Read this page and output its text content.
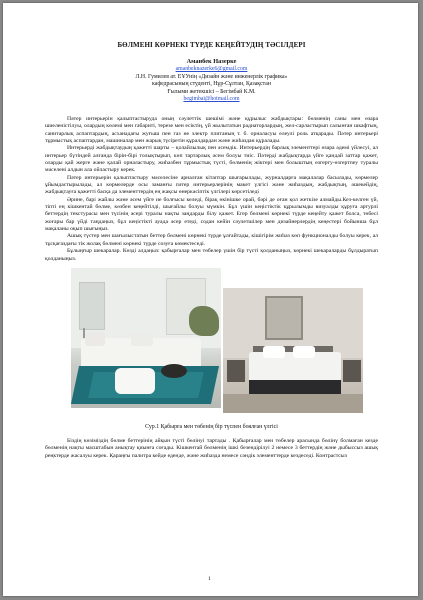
БӨЛМЕНІ КӨРНЕКІ ТҮРДЕ КЕҢЕЙТУДІҢ ТӘСІЛДЕРІ

Аманбек Назерке

amanbeknazerke6@gmail.com

Л.Н. Гумилев ат. ЕҰУнің «Дизайн және инженерлік графика»

кафедрасының студенті, Нұр-Сұлтан, Қазақстан

Ғылыми жетекшісі – Бегімбай К.М.

begimbai@hotmail.com

Пәтер интерьерін қалыптастыруда оның сәулеттік шешімі және құрылыс жабдықтары: бөлменің саны мен өзара шиеленістілуы, олардың көлемі мен габариті, терезе мен есіктің, үй жылытатын радиаторлардың, жел-сарластырып салынған шкафтың, санитарлық аспаптардың, асханадағы жуғыш пен газ не электр плитаның т. б. орналасуы елеулі роль атқарады. Пәтер интерьері тұрмыстық аспаптардан, машиналар мен жарық түсіретін құралдардан және жиһаздан құралады.

Интерьерді жабдықтаудың қажетті шарты – қолайлылық пен әсемдік. Интерьердің барлық элементтері өзара әдемі үйлесуі, ал интерьер бүтіндей алғанда бірін-бірі толықтырып, көп тартарлық әсем болуы тиіс. Пәтерді жабдықтарда үйге қандай заттар қажет, оларды қай жерге және қалай орналастыру, жиһазбен тұрмыстық түсті, бөлменің жіктері мен болыштың өзгерту-өзгертпеу туралы мәселені алдын ала ойластыру керек.

Пәтер интерьерін қалыптастыру мәселесіне арналған кітаптар шығарылады, журналдарға мақалалар басылады, көрмелер ұйымдастырылады, ал көрмелерде осы заманғы пәтер интерьерлерінің макет үлгісі және жиһаздың, жабдықтың, әшекейдің, жабдықтауға қажетті басқа да элементтердің ең жақсы өнеркәсіптік үлгілері көрсетіледі

Әрине, барі жайлы және әсем үйге ие болғысы келеді, бірақ өкінішке орай, бәрі де оған қол жеткізе алмайды.Кез-келген үй, тіпті ең кішкентай бөлме, көзбен кеңейтілді, шығайлы болуы мүмкін. Бұл үшін кеңістіктік құрылымды визуалды құруға артурлі беттердің текстурасы мен түсінің әсері туралы нақты заңдарды білу қажет. Егер бөлмені көрнекі түрде кеңейту қажет болса, төбесі жоғары бар үйді таңдаңыз, бұл кеңістікті ауада әсер етеді, содан кейін сәулетшілер мен дизайнерлердің кеңестері бойынша бұл мақаланы оқып шығыңыз.

Ашық түстер мен шағылыстатын беттер бөлмені көрнекі түрде ұлғайтады, кішігірім жиһаз көп функционалды болуы керек, ал тұсқағаздағы тік жолақ бөлмені көрнекі түрде созуға көмектеседі.

Бұлыңғыр шекаралар. Көзді алдаңыз: қабырғалар мен төбелер үшін бір түсті қолданыңыз, көрнекі шекараларды бұлдыратып қолданыңыз.

Сур.1 Қабырға мен төбенің бір түспен боялған үлгісі

Біздің көзіміздің бөлме беттерінің айқын түсті бөлінуі тартады . Қабырғалар мен төбелер арасында бөлінү болмаған кезде бөлменің нақты масштабын анықтау қиынға соғады. Кішкентай бөлменің ішкі безендірілуі 2 немесе 3 беттердің және дыбыссыз ашық реңктерде жасалуы керек. Қараңғы палитра кейде еденде, және жиһазда немесе сәндік элементтерде кездеседі. Контрастсыз

1
